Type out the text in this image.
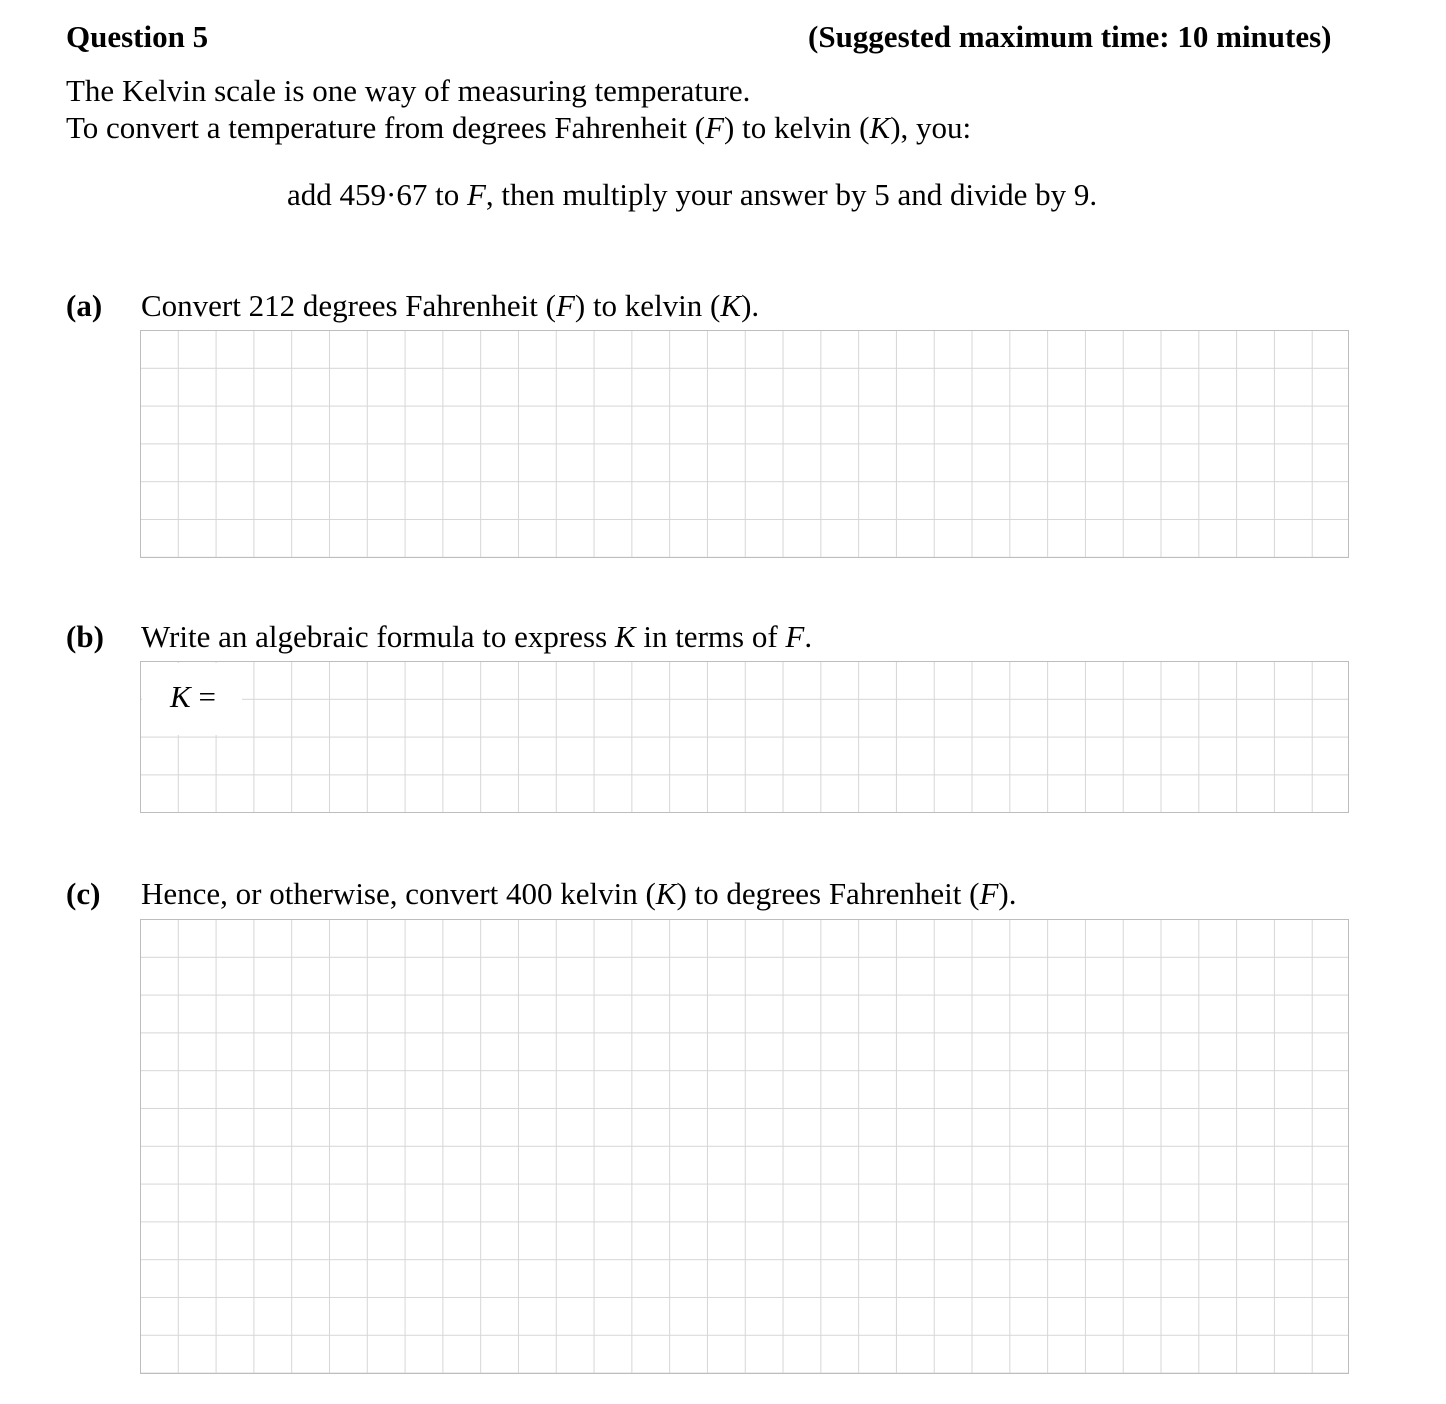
Question 5	(Suggested maximum time: 10 minutes)
The Kelvin scale is one way of measuring temperature.
To convert a temperature from degrees Fahrenheit (F) to kelvin (K), you:
add 459·67 to F, then multiply your answer by 5 and divide by 9.
(a) Convert 212 degrees Fahrenheit (F) to kelvin (K).
(b) Write an algebraic formula to express K in terms of F.
K =
(c) Hence, or otherwise, convert 400 kelvin (K) to degrees Fahrenheit (F).
